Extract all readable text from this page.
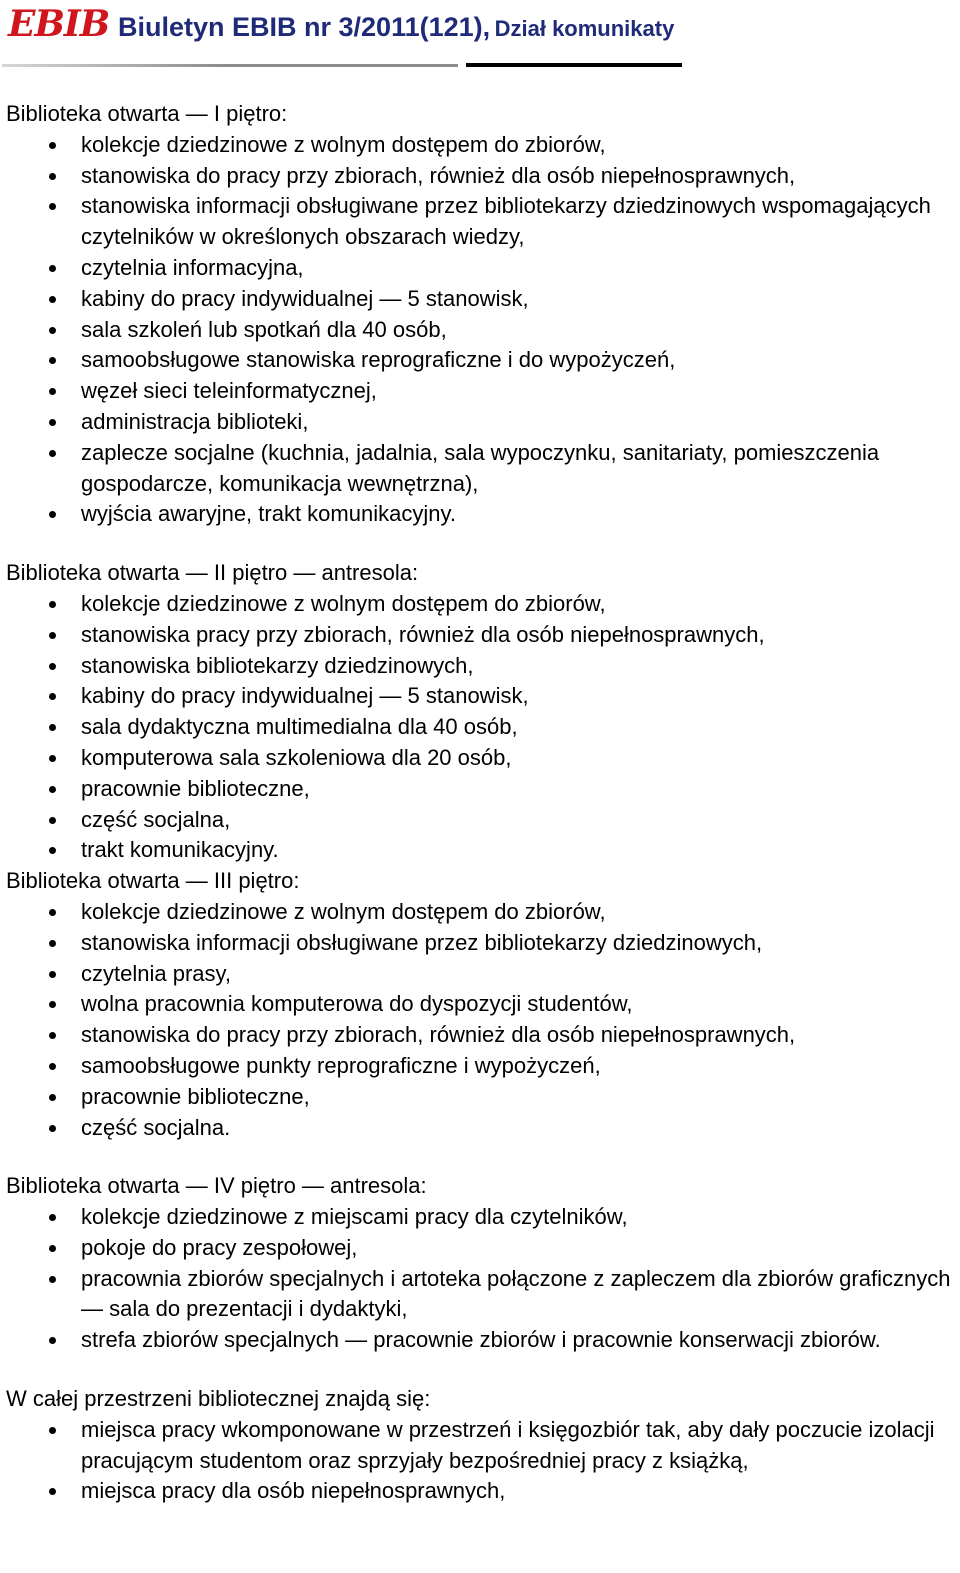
EBIB Biuletyn EBIB nr 3/2011(121), Dział komunikaty

Biblioteka otwarta — I piętro:

kolekcje dziedzinowe z wolnym dostępem do zbiorów,
stanowiska do pracy przy zbiorach, również dla osób niepełnosprawnych,
stanowiska informacji obsługiwane przez bibliotekarzy dziedzinowych wspomagających czytelników w określonych obszarach wiedzy,
czytelnia informacyjna,
kabiny do pracy indywidualnej — 5 stanowisk,
sala szkoleń lub spotkań dla 40 osób,
samoobsługowe stanowiska reprograficzne i do wypożyczeń,
węzeł sieci teleinformatycznej,
administracja biblioteki,
zaplecze socjalne (kuchnia, jadalnia, sala wypoczynku, sanitariaty, pomieszczenia gospodarcze, komunikacja wewnętrzna),
wyjścia awaryjne, trakt komunikacyjny.

Biblioteka otwarta — II piętro — antresola:

kolekcje dziedzinowe z wolnym dostępem do zbiorów,
stanowiska pracy przy zbiorach, również dla osób niepełnosprawnych,
stanowiska bibliotekarzy dziedzinowych,
kabiny do pracy indywidualnej — 5 stanowisk,
sala dydaktyczna multimedialna dla 40 osób,
komputerowa sala szkoleniowa dla 20 osób,
pracownie biblioteczne,
część socjalna,
trakt komunikacyjny.

Biblioteka otwarta — III piętro:

kolekcje dziedzinowe z wolnym dostępem do zbiorów,
stanowiska informacji obsługiwane przez bibliotekarzy dziedzinowych,
czytelnia prasy,
wolna pracownia komputerowa do dyspozycji studentów,
stanowiska do pracy przy zbiorach, również dla osób niepełnosprawnych,
samoobsługowe punkty reprograficzne i wypożyczeń,
pracownie biblioteczne,
część socjalna.

Biblioteka otwarta — IV piętro — antresola:

kolekcje dziedzinowe z miejscami pracy dla czytelników,
pokoje do pracy zespołowej,
pracownia zbiorów specjalnych i artoteka połączone z zapleczem dla zbiorów graficznych — sala do prezentacji i dydaktyki,
strefa zbiorów specjalnych — pracownie zbiorów i pracownie konserwacji zbiorów.

W całej przestrzeni bibliotecznej znajdą się:

miejsca pracy wkomponowane w przestrzeń i księgozbiór tak, aby dały poczucie izolacji pracującym studentom oraz sprzyjały bezpośredniej pracy z książką,
miejsca pracy dla osób niepełnosprawnych,
